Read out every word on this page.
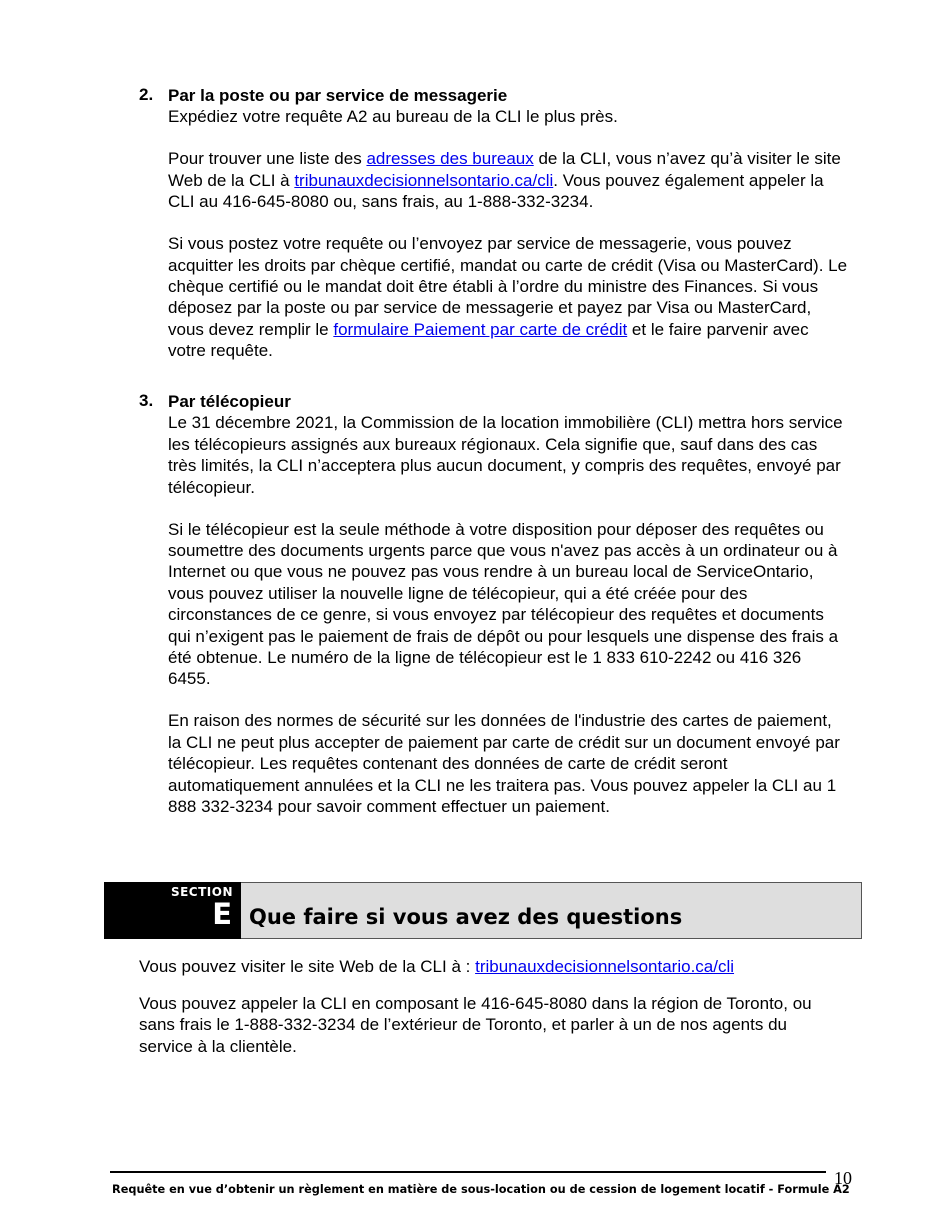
2. Par la poste ou par service de messagerie

Expédiez votre requête A2 au bureau de la CLI le plus près.

Pour trouver une liste des adresses des bureaux de la CLI, vous n’avez qu’à visiter le site Web de la CLI à tribunauxdecisionnelsontario.ca/cli. Vous pouvez également appeler la CLI au 416-645-8080 ou, sans frais, au 1-888-332-3234.

Si vous postez votre requête ou l’envoyez par service de messagerie, vous pouvez acquitter les droits par chèque certifié, mandat ou carte de crédit (Visa ou MasterCard). Le chèque certifié ou le mandat doit être établi à l’ordre du ministre des Finances. Si vous déposez par la poste ou par service de messagerie et payez par Visa ou MasterCard, vous devez remplir le formulaire Paiement par carte de crédit et le faire parvenir avec votre requête.

3. Par télécopieur

Le 31 décembre 2021, la Commission de la location immobilière (CLI) mettra hors service les télécopieurs assignés aux bureaux régionaux. Cela signifie que, sauf dans des cas très limités, la CLI n’acceptera plus aucun document, y compris des requêtes, envoyé par télécopieur.

Si le télécopieur est la seule méthode à votre disposition pour déposer des requêtes ou soumettre des documents urgents parce que vous n'avez pas accès à un ordinateur ou à Internet ou que vous ne pouvez pas vous rendre à un bureau local de ServiceOntario, vous pouvez utiliser la nouvelle ligne de télécopieur, qui a été créée pour des circonstances de ce genre, si vous envoyez par télécopieur des requêtes et documents qui n’exigent pas le paiement de frais de dépôt ou pour lesquels une dispense des frais a été obtenue. Le numéro de la ligne de télécopieur est le 1 833 610-2242 ou 416 326 6455.

En raison des normes de sécurité sur les données de l'industrie des cartes de paiement, la CLI ne peut plus accepter de paiement par carte de crédit sur un document envoyé par télécopieur. Les requêtes contenant des données de carte de crédit seront automatiquement annulées et la CLI ne les traitera pas. Vous pouvez appeler la CLI au 1 888 332-3234 pour savoir comment effectuer un paiement.

SECTION
E Que faire si vous avez des questions

Vous pouvez visiter le site Web de la CLI à : tribunauxdecisionnelsontario.ca/cli

Vous pouvez appeler la CLI en composant le 416-645-8080 dans la région de Toronto, ou sans frais le 1-888-332-3234 de l’extérieur de Toronto, et parler à un de nos agents du service à la clientèle.

10
Requête en vue d’obtenir un règlement en matière de sous-location ou de cession de logement locatif - Formule A2
